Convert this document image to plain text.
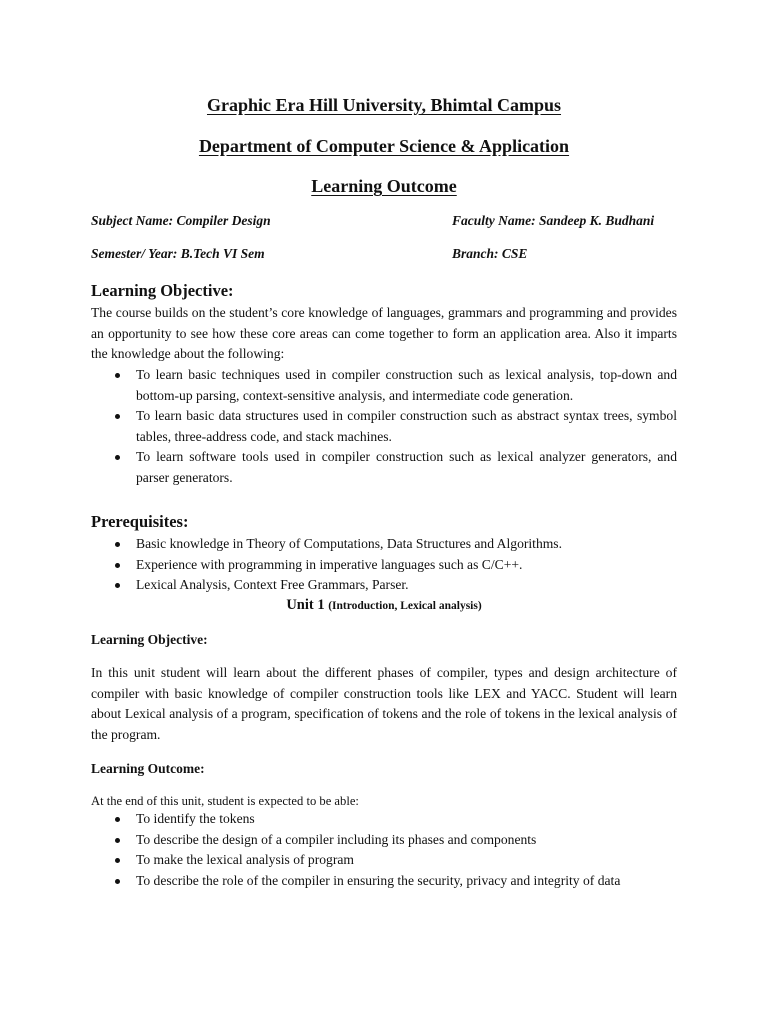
Graphic Era Hill University, Bhimtal Campus
Department of Computer Science & Application
Learning Outcome
Subject Name: Compiler Design	Faculty Name: Sandeep K. Budhani
Semester/ Year: B.Tech VI Sem	Branch: CSE
Learning Objective:
The course builds on the student’s core knowledge of languages, grammars and programming and provides an opportunity to see how these core areas can come together to form an application area. Also it imparts the knowledge about the following:
To learn basic techniques used in compiler construction such as lexical analysis, top-down and bottom-up parsing, context-sensitive analysis, and intermediate code generation.
To learn basic data structures used in compiler construction such as abstract syntax trees, symbol tables, three-address code, and stack machines.
To learn software tools used in compiler construction such as lexical analyzer generators, and parser generators.
Prerequisites:
Basic knowledge in Theory of Computations, Data Structures and Algorithms.
Experience with programming in imperative languages such as C/C++.
Lexical Analysis, Context Free Grammars, Parser.
Unit 1 (Introduction, Lexical analysis)
Learning Objective:
In this unit student will learn about the different phases of compiler, types and design architecture of compiler with basic knowledge of compiler construction tools like LEX and YACC. Student will learn about Lexical analysis of a program, specification of tokens and the role of tokens in the lexical analysis of the program.
Learning Outcome:
At the end of this unit, student is expected to be able:
To identify the tokens
To describe the design of a compiler including its phases and components
To make the lexical analysis of program
To describe the role of the compiler in ensuring the security, privacy and integrity of data
